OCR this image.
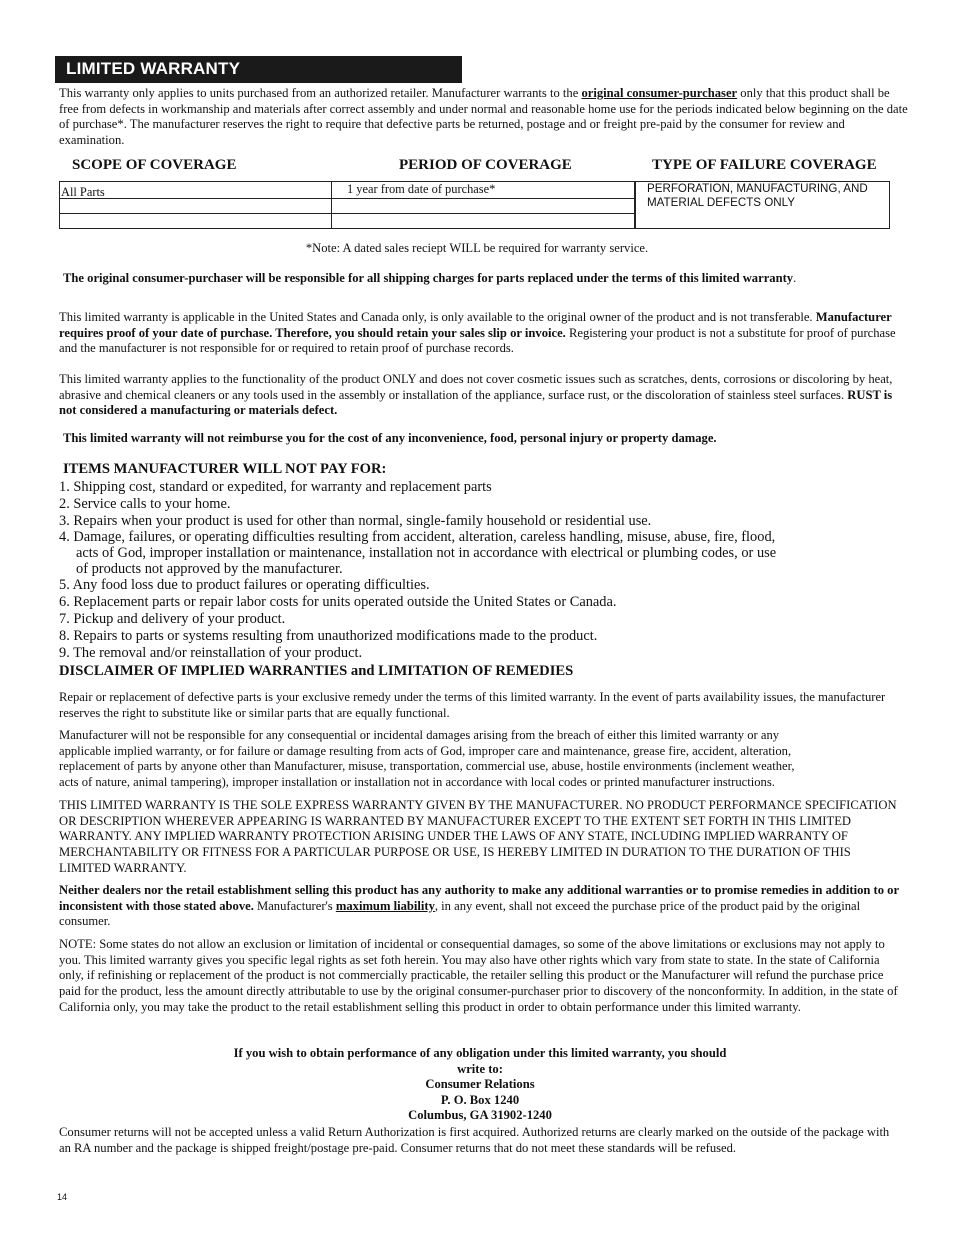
LIMITED WARRANTY
This warranty only applies to units purchased from an authorized retailer. Manufacturer warrants to the original consumer-purchaser only that this product shall be free from defects in workmanship and materials after correct assembly and under normal and reasonable home use for the periods indicated below beginning on the date of purchase*. The manufacturer reserves the right to require that defective parts be returned, postage and or freight pre-paid by the consumer for review and examination.
SCOPE OF COVERAGE	PERIOD OF COVERAGE	TYPE OF FAILURE COVERAGE
All Parts	1 year from date of purchase*	PERFORATION, MANUFACTURING, AND MATERIAL DEFECTS ONLY
*Note: A dated sales reciept WILL be required for warranty service.
The original consumer-purchaser will be responsible for all shipping charges for parts replaced under the terms of this limited warranty.
This limited warranty is applicable in the United States and Canada only, is only available to the original owner of the product and is not transferable. Manufacturer requires proof of your date of purchase. Therefore, you should retain your sales slip or invoice. Registering your product is not a substitute for proof of purchase and the manufacturer is not responsible for or required to retain proof of purchase records.
This limited warranty applies to the functionality of the product ONLY and does not cover cosmetic issues such as scratches, dents, corrosions or discoloring by heat, abrasive and chemical cleaners or any tools used in the assembly or installation of the appliance, surface rust, or the discoloration of stainless steel surfaces. RUST is not considered a manufacturing or materials defect.
This limited warranty will not reimburse you for the cost of any inconvenience, food, personal injury or property damage.
ITEMS MANUFACTURER WILL NOT PAY FOR:
1. Shipping cost, standard or expedited, for warranty and replacement parts
2. Service calls to your home.
3. Repairs when your product is used for other than normal, single-family household or residential use.
4. Damage, failures, or operating difficulties resulting from accident, alteration, careless handling, misuse, abuse, fire, flood,
acts of God, improper installation or maintenance, installation not in accordance with electrical or plumbing codes, or use
of products not approved by the manufacturer.
5. Any food loss due to product failures or operating difficulties.
6. Replacement parts or repair labor costs for units operated outside the United States or Canada.
7. Pickup and delivery of your product.
8. Repairs to parts or systems resulting from unauthorized modifications made to the product.
9. The removal and/or reinstallation of your product.
DISCLAIMER OF IMPLIED WARRANTIES and LIMITATION OF REMEDIES
Repair or replacement of defective parts is your exclusive remedy under the terms of this limited warranty. In the event of parts availability issues, the manufacturer reserves the right to substitute like or similar parts that are equally functional.
Manufacturer will not be responsible for any consequential or incidental damages arising from the breach of either this limited warranty or any
applicable implied warranty, or for failure or damage resulting from acts of God, improper care and maintenance, grease fire, accident, alteration,
replacement of parts by anyone other than Manufacturer, misuse, transportation, commercial use, abuse, hostile environments (inclement weather,
acts of nature, animal tampering), improper installation or installation not in accordance with local codes or printed manufacturer instructions.
THIS LIMITED WARRANTY IS THE SOLE EXPRESS WARRANTY GIVEN BY THE MANUFACTURER. NO PRODUCT PERFORMANCE SPECIFICATION OR DESCRIPTION WHEREVER APPEARING IS WARRANTED BY MANUFACTURER EXCEPT TO THE EXTENT SET FORTH IN THIS LIMITED WARRANTY. ANY IMPLIED WARRANTY PROTECTION ARISING UNDER THE LAWS OF ANY STATE, INCLUDING IMPLIED WARRANTY OF MERCHANTABILITY OR FITNESS FOR A PARTICULAR PURPOSE OR USE, IS HEREBY LIMITED IN DURATION TO THE DURATION OF THIS LIMITED WARRANTY.
Neither dealers nor the retail establishment selling this product has any authority to make any additional warranties or to promise remedies in addition to or inconsistent with those stated above. Manufacturer's maximum liability, in any event, shall not exceed the purchase price of the product paid by the original consumer.
NOTE: Some states do not allow an exclusion or limitation of incidental or consequential damages, so some of the above limitations or exclusions may not apply to you. This limited warranty gives you specific legal rights as set foth herein. You may also have other rights which vary from state to state. In the state of California only, if refinishing or replacement of the product is not commercially practicable, the retailer selling this product or the Manufacturer will refund the purchase price paid for the product, less the amount directly attributable to use by the original consumer-purchaser prior to discovery of the nonconformity. In addition, in the state of California only, you may take the product to the retail establishment selling this product in order to obtain performance under this limited warranty.
If you wish to obtain performance of any obligation under this limited warranty, you should
write to:
Consumer Relations
P. O. Box 1240
Columbus, GA 31902-1240
Consumer returns will not be accepted unless a valid Return Authorization is first acquired. Authorized returns are clearly marked on the outside of the package with an RA number and the package is shipped freight/postage pre-paid. Consumer returns that do not meet these standards will be refused.
14
